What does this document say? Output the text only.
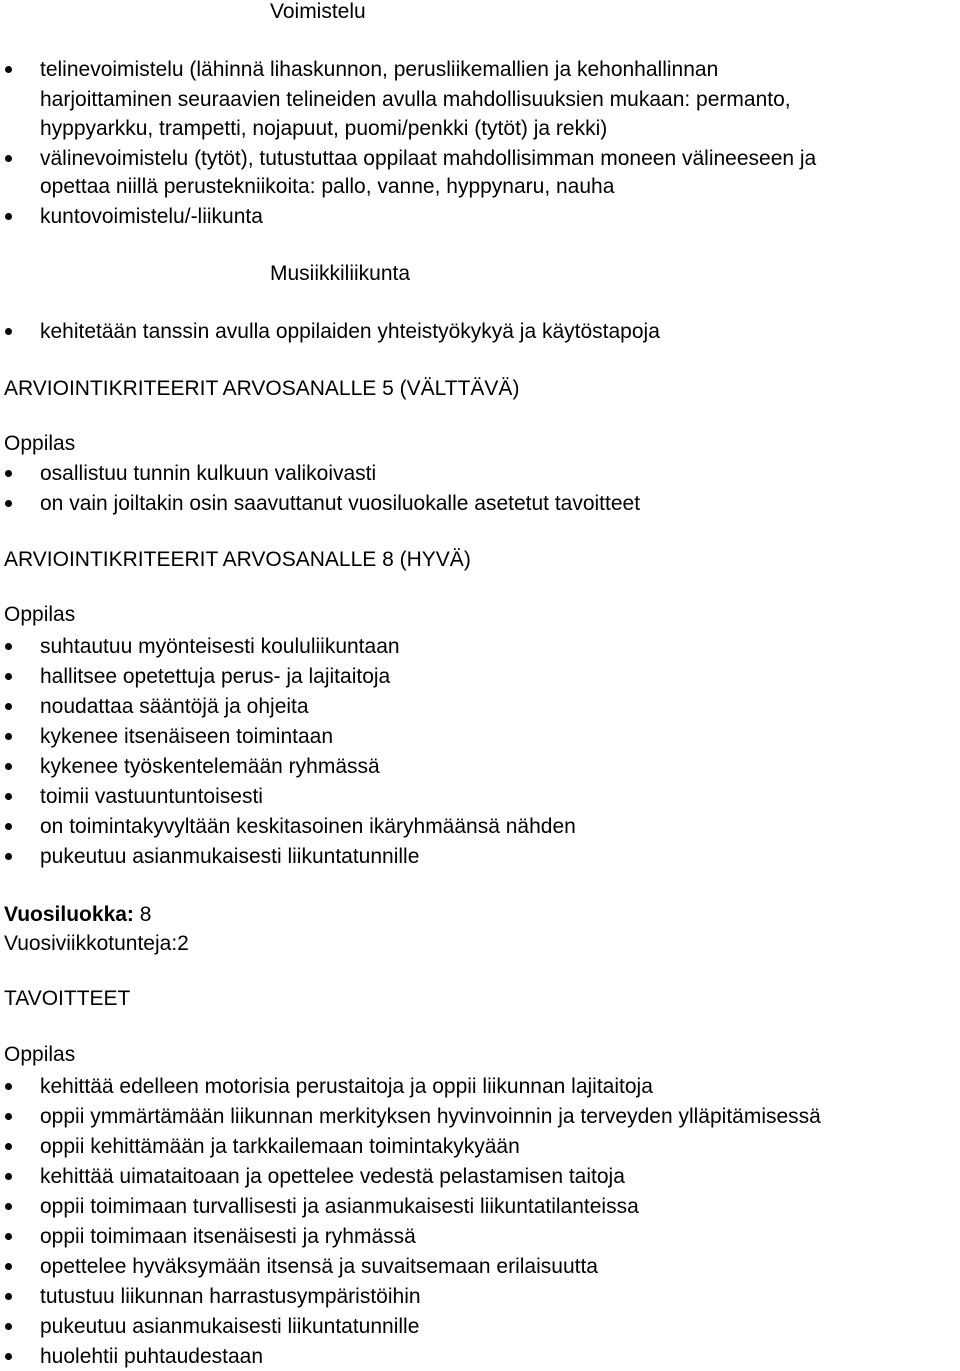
Voimistelu
telinevoimistelu (lähinnä lihaskunnon, perusliikemallien ja kehonhallinnan
harjoittaminen seuraavien telineiden avulla mahdollisuuksien mukaan: permanto,
hyppyarkku, trampetti, nojapuut, puomi/penkki (tytöt) ja rekki)
välinevoimistelu (tytöt), tutustuttaa oppilaat mahdollisimman moneen välineeseen ja
opettaa niillä perustekniikoita: pallo, vanne, hyppynaru, nauha
kuntovoimistelu/-liikunta
Musiikkiliikunta
kehitetään tanssin avulla oppilaiden yhteistyökykyä ja käytöstapoja
ARVIOINTIKRITEERIT ARVOSANALLE 5 (VÄLTTÄVÄ)
Oppilas
osallistuu tunnin kulkuun valikoivasti
on vain joiltakin osin saavuttanut vuosiluokalle asetetut tavoitteet
ARVIOINTIKRITEERIT ARVOSANALLE 8 (HYVÄ)
Oppilas
suhtautuu myönteisesti koululiikuntaan
hallitsee opetettuja perus- ja lajitaitoja
noudattaa sääntöjä ja ohjeita
kykenee itsenäiseen toimintaan
kykenee työskentelemään ryhmässä
toimii vastuuntuntoisesti
on toimintakyvyltään keskitasoinen ikäryhmäänsä nähden
pukeutuu asianmukaisesti liikuntatunnille
Vuosiluokka: 8
Vuosiviikkotunteja:2
TAVOITTEET
Oppilas
kehittää edelleen motorisia perustaitoja ja oppii liikunnan lajitaitoja
oppii ymmärtämään liikunnan merkityksen hyvinvoinnin ja terveyden ylläpitämisessä
oppii kehittämään ja tarkkailemaan toimintakykyään
kehittää uimataitoaan ja opettelee vedestä pelastamisen taitoja
oppii toimimaan turvallisesti ja asianmukaisesti liikuntatilanteissa
oppii toimimaan itsenäisesti ja ryhmässä
opettelee hyväksymään itsensä ja suvaitsemaan erilaisuutta
tutustuu liikunnan harrastusympäristöihin
pukeutuu asianmukaisesti liikuntatunnille
huolehtii puhtaudestaan
